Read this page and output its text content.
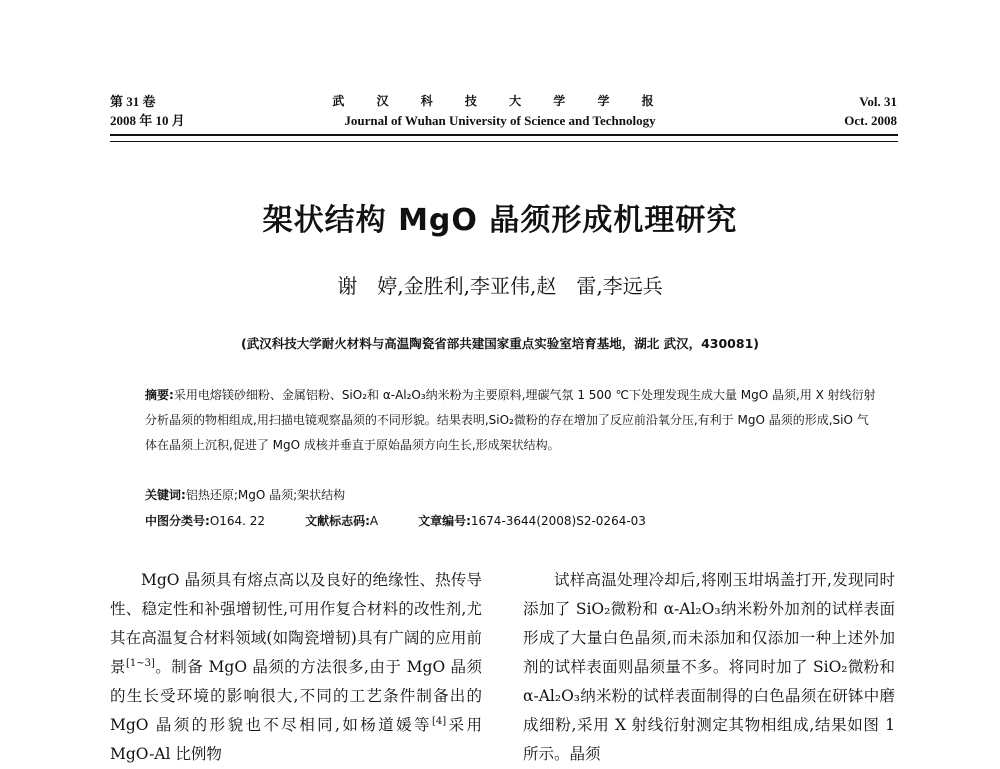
第 31 卷
2008 年 10 月
武 汉 科 技 大 学 学 报
Journal of Wuhan University of Science and Technology
Vol. 31
Oct. 2008
架状结构 MgO 晶须形成机理研究
谢　婷,金胜利,李亚伟,赵　雷,李远兵
(武汉科技大学耐火材料与高温陶瓷省部共建国家重点实验室培育基地，湖北 武汉，430081)
摘要:采用电熔镁砂细粉、金属铝粉、SiO₂和 α-Al₂O₃纳米粉为主要原料,埋碳气氛 1 500 ℃下处理发现生成大量 MgO 晶须,用 X 射线衍射分析晶须的物相组成,用扫描电镜观察晶须的不同形貌。结果表明,SiO₂微粉的存在增加了反应前沿氧分压,有利于 MgO 晶须的形成,SiO 气体在晶须上沉积,促进了 MgO 成核并垂直于原始晶须方向生长,形成架状结构。
关键词:铝热还原;MgO 晶须;架状结构
中图分类号:O164. 22	文献标志码:A	文章编号:1674-3644(2008)S2-0264-03

MgO 晶须具有熔点高以及良好的绝缘性、热传导性、稳定性和补强增韧性,可用作复合材料的改性剂,尤其在高温复合材料领域(如陶瓷增韧)具有广阔的应用前景[1~3]。制备 MgO 晶须的方法很多,由于 MgO 晶须的生长受环境的影响很大,不同的工艺条件制备出的 MgO 晶须的形貌也不尽相同,如杨道媛等[4]采用 MgO-Al 比例物

试样高温处理冷却后,将刚玉坩埚盖打开,发现同时添加了 SiO₂微粉和 α-Al₂O₃纳米粉外加剂的试样表面形成了大量白色晶须,而未添加和仅添加一种上述外加剂的试样表面则晶须量不多。将同时加了 SiO₂微粉和 α-Al₂O₃纳米粉的试样表面制得的白色晶须在研钵中磨成细粉,采用 X 射线衍射测定其物相组成,结果如图 1 所示。晶须
